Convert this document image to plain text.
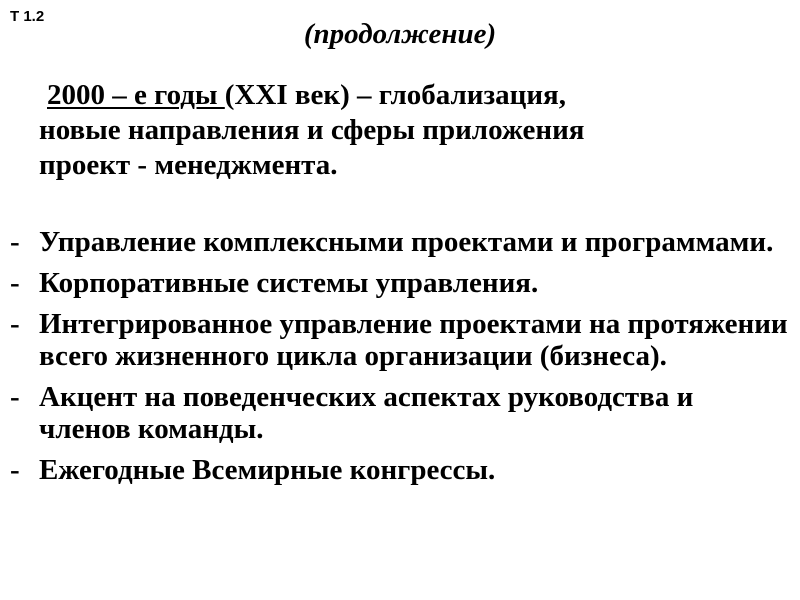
Т 1.2
(продолжение)
2000 – е годы (XXI век) – глобализация,
новые направления и сферы приложения
проект - менеджмента.
- Управление комплексными проектами и программами.
- Корпоративные системы управления.
- Интегрированное управление проектами на протяжении всего жизненного цикла организации (бизнеса).
- Акцент на поведенческих аспектах руководства и членов команды.
- Ежегодные Всемирные конгрессы.
